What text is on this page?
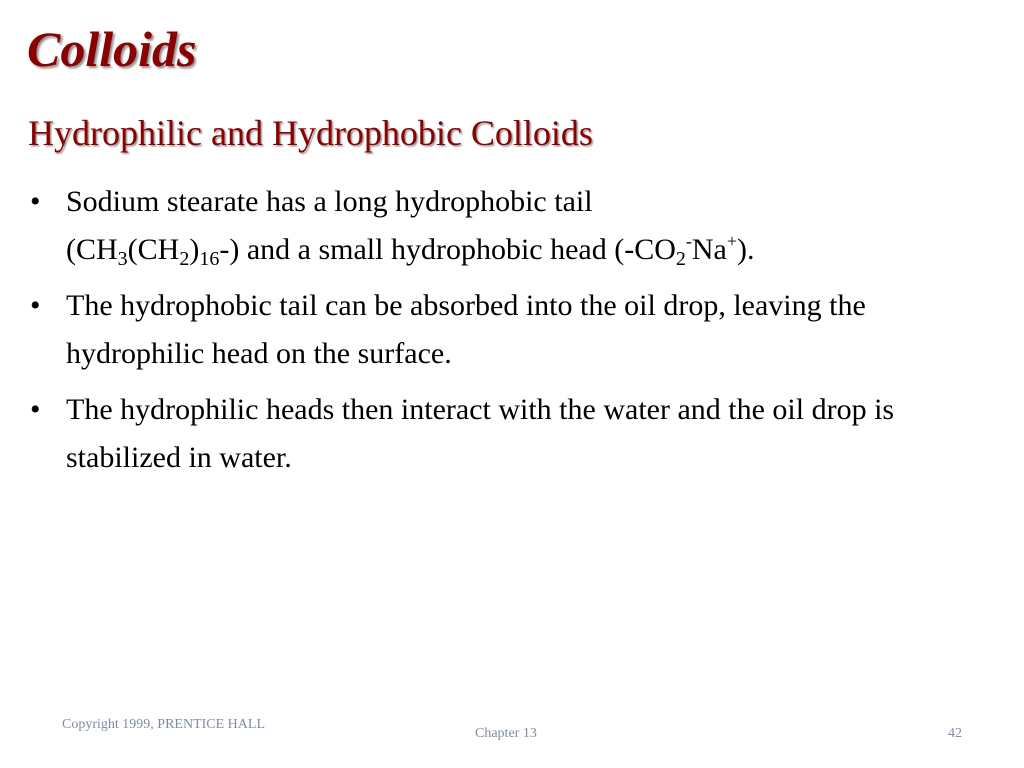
Colloids
Hydrophilic and Hydrophobic Colloids
• Sodium stearate has a long hydrophobic tail
$(CH_3(CH_2)_{16}-)$ and a small hydrophobic head $(-CO_2^-Na^+)$.
• The hydrophobic tail can be absorbed into the oil drop, leaving the hydrophilic head on the surface.
• The hydrophilic heads then interact with the water and the oil drop is stabilized in water.
Copyright 1999, PRENTICE HALL
Chapter 13	42
